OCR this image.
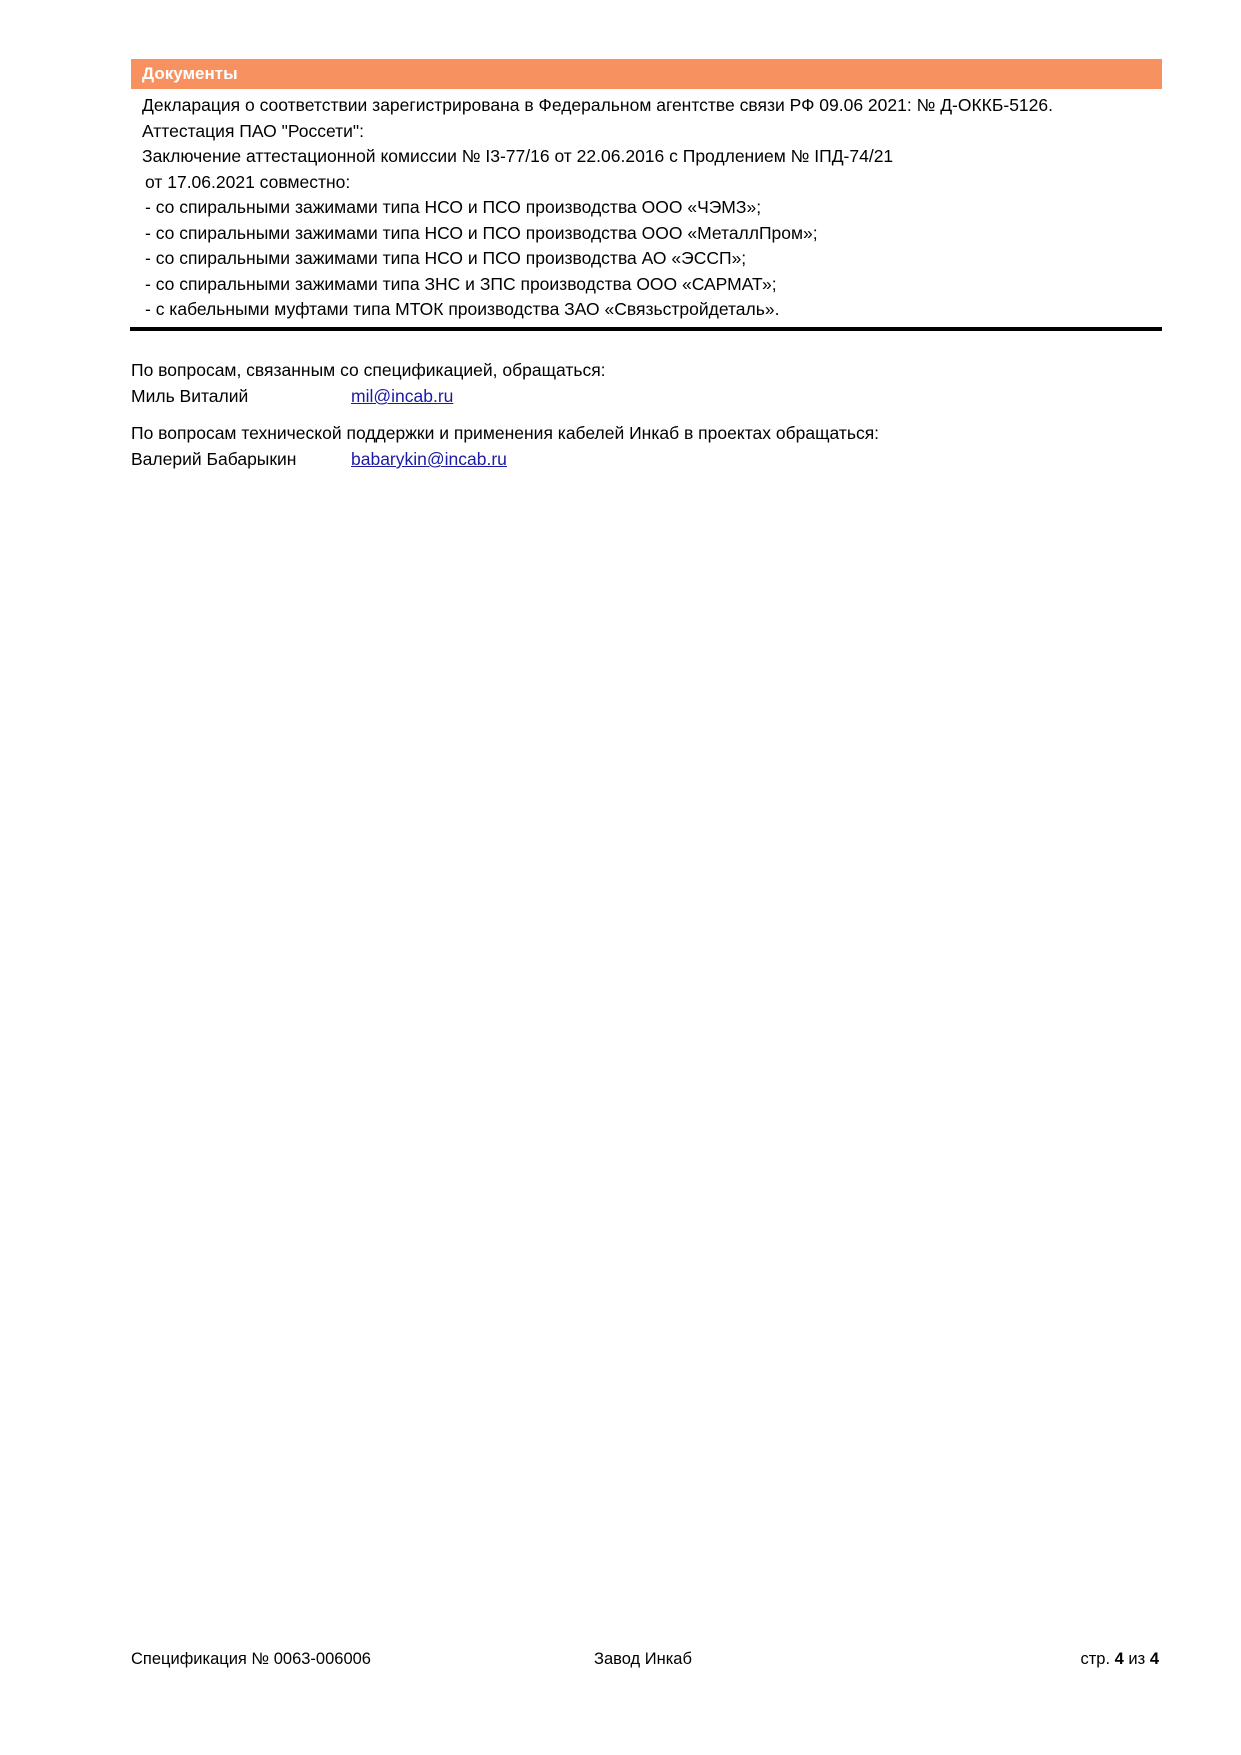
Документы
Декларация о соответствии зарегистрирована в Федеральном агентстве связи РФ 09.06 2021: № Д-ОККБ-5126.
Аттестация ПАО "Россети":
Заключение аттестационной комиссии № I3-77/16 от 22.06.2016 с Продлением № IПД-74/21
от 17.06.2021 совместно:
- со спиральными зажимами типа НСО и ПСО производства ООО «ЧЭМЗ»;
- со спиральными зажимами типа НСО и ПСО производства ООО «МеталлПром»;
- со спиральными зажимами типа НСО и ПСО производства АО «ЭССП»;
- со спиральными зажимами типа ЗНС и ЗПС производства ООО «САРМАТ»;
- с кабельными муфтами типа МТОК производства ЗАО «Связьстройдеталь».
По вопросам, связанным со спецификацией, обращаться:
Миль Виталий	mil@incab.ru
По вопросам технической поддержки и применения кабелей Инкаб в проектах обращаться:
Валерий Бабарыкин	babarykin@incab.ru
Спецификация № 0063-006006	Завод Инкаб	стр. 4 из 4
